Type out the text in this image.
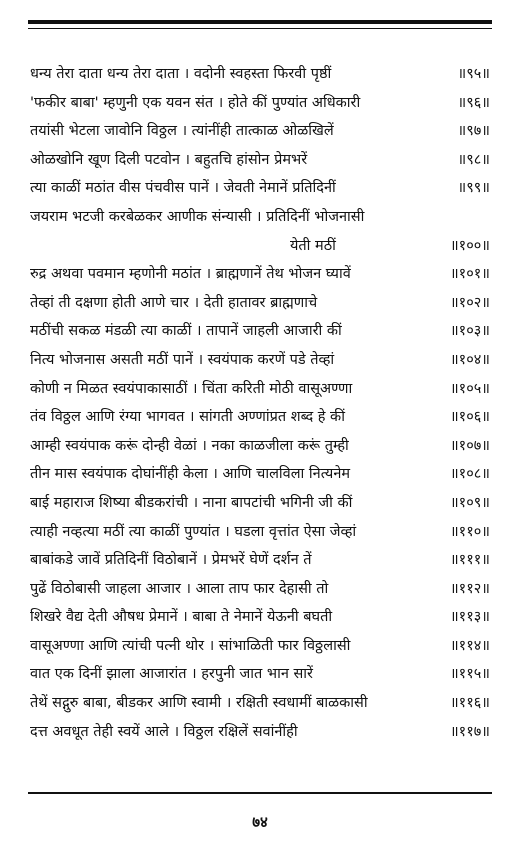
धन्य तेरा दाता धन्य तेरा दाता । वदोनी स्वहस्ता फिरवी पृष्ठीं	॥९५॥
'फकीर बाबा' म्हणुनी एक यवन संत । होते कीं पुण्यांत अधिकारी	॥९६॥
तयांसी भेटला जावोनि विठ्ठल । त्यांनींही तात्काळ ओळखिलें	॥९७॥
ओळखोनि खूण दिली पटवोन । बहुतचि हांसोन प्रेमभरें	॥९८॥
त्या काळीं मठांत वीस पंचवीस पानें । जेवती नेमानें प्रतिदिनीं	॥९९॥
जयराम भटजी करबेळकर आणीक संन्यासी । प्रतिदिनीं भोजनासी
येती मठीं	॥१००॥
रुद्र अथवा पवमान म्हणोनी मठांत । ब्राह्मणानें तेथ भोजन घ्यावें	॥१०१॥
तेव्हां ती दक्षणा होती आणे चार । देती हातावर ब्राह्मणाचे	॥१०२॥
मठींची सकळ मंडळी त्या काळीं । तापानें जाहली आजारी कीं	॥१०३॥
नित्य भोजनास असती मठीं पानें । स्वयंपाक करणें पडे तेव्हां	॥१०४॥
कोणी न मिळत स्वयंपाकासाठीं । चिंता करिती मोठी वासूअण्णा	॥१०५॥
तंव विठ्ठल आणि रंग्या भागवत । सांगती अण्णांप्रत शब्द हे कीं	॥१०६॥
आम्ही स्वयंपाक करूं दोन्ही वेळां । नका काळजीला करूं तुम्ही	॥१०७॥
तीन मास स्वयंपाक दोघांनींही केला । आणि चालविला नित्यनेम	॥१०८॥
बाई महाराज शिष्या बीडकरांची । नाना बापटांची भगिनी जी कीं	॥१०९॥
त्याही नव्हत्या मठीं त्या काळीं पुण्यांत । घडला वृत्तांत ऐसा जेव्हां	॥११०॥
बाबांकडे जावें प्रतिदिनीं विठोबानें । प्रेमभरें घेणें दर्शन तें	॥१११॥
पुढें विठोबासी जाहला आजार । आला ताप फार देहासी तो	॥११२॥
शिखरे वैद्य देती औषध प्रेमानें । बाबा ते नेमानें येऊनी बघती	॥११३॥
वासूअण्णा आणि त्यांची पत्नी थोर । सांभाळिती फार विठ्ठलासी	॥११४॥
वात एक दिनीं झाला आजारांत । हरपुनी जात भान सारें	॥११५॥
तेथें सद्गुरु बाबा, बीडकर आणि स्वामी । रक्षिती स्वधामीं बाळकासी	॥११६॥
दत्त अवधूत तेही स्वयें आले । विठ्ठल रक्षिलें सवांनींही	॥११७॥
७४
